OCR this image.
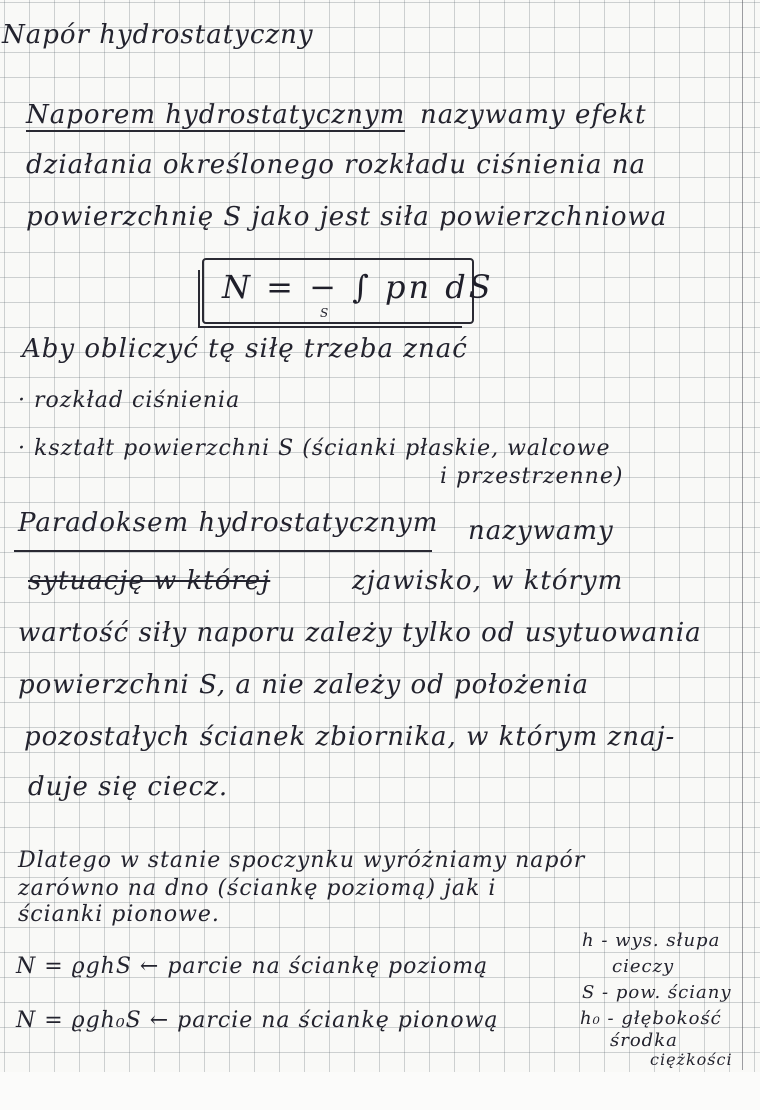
Napór hydrostatyczny
Naporem hydrostatycznym nazywamy efekt
działania określonego rozkładu ciśnienia na
powierzchnię S jako jest siła powierzchniowa
N = − ∫ pn dS
S
Aby obliczyć tę siłę trzeba znać
· rozkład ciśnienia
· kształt powierzchni S (ścianki płaskie, walcowe
i przestrzenne)
Paradoksem hydrostatycznym nazywamy
sytuację w której	zjawisko, w którym
wartość siły naporu zależy tylko od usytuowania
powierzchni S, a nie zależy od położenia
pozostałych ścianek zbiornika, w którym znaj-
duje się ciecz.
Dlatego w stanie spoczynku wyróżniamy napór
zarówno na dno (ściankę poziomą) jak i
ścianki pionowe.
N = ϱghS ← parcie na ściankę poziomą
N = ϱgh₀S ← parcie na ściankę pionową
h - wys. słupa
cieczy
S - pow. ściany
h₀ - głębokość
środka
ciężkości
